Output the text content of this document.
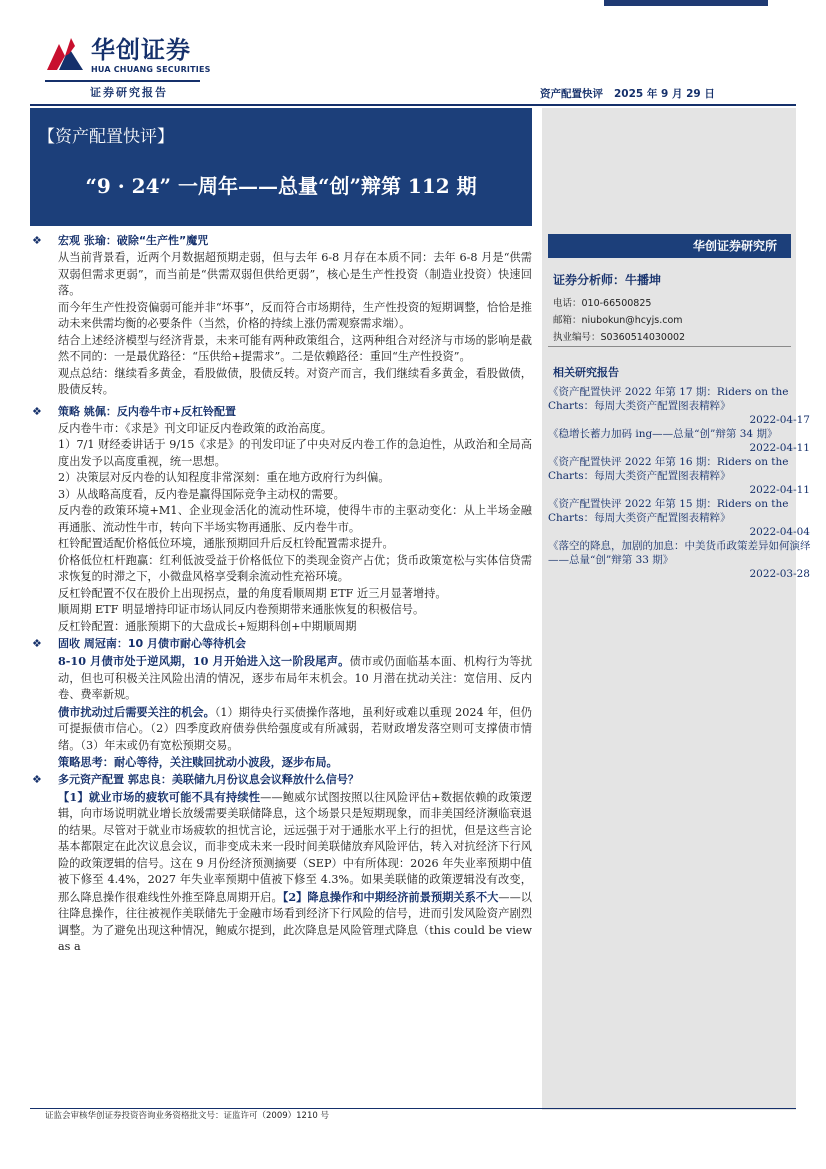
华创证券
HUA CHUANG SECURITIES
证券研究报告	资产配置快评   2025 年 9 月 29 日
【资产配置快评】
“9 · 24” 一周年——总量“创”辩第 112 期
华创证券研究所
证券分析师：牛播坤
电话：010-66500825
邮箱：niubokun@hcyjs.com
执业编号：S0360514030002
相关研究报告
《资产配置快评 2022 年第 17 期：Riders on the Charts：每周大类资产配置图表精粹》
2022-04-17
《稳增长蓄力加码 ing——总量“创”辩第 34 期》
2022-04-11
《资产配置快评 2022 年第 16 期：Riders on the Charts：每周大类资产配置图表精粹》
2022-04-11
《资产配置快评 2022 年第 15 期：Riders on the Charts：每周大类资产配置图表精粹》
2022-04-04
《落空的降息，加剧的加息：中美货币政策差异如何演绎——总量“创”辩第 33 期》
2022-03-28
❖ 宏观 张瑜：破除“生产性”魔咒
从当前背景看，近两个月数据超预期走弱，但与去年 6-8 月存在本质不同：去年 6-8 月是“供需双弱但需求更弱”，而当前是“供需双弱但供给更弱”，核心是生产性投资（制造业投资）快速回落。
而今年生产性投资偏弱可能并非“坏事”，反而符合市场期待，生产性投资的短期调整，恰恰是推动未来供需均衡的必要条件（当然，价格的持续上涨仍需观察需求端）。
结合上述经济模型与经济背景，未来可能有两种政策组合，这两种组合对经济与市场的影响是截然不同的：一是最优路径：“压供给+提需求”。二是依赖路径：重回“生产性投资”。
观点总结：继续看多黄金，看股做债，股债反转。对资产而言，我们继续看多黄金，看股做债，股债反转。
❖ 策略 姚佩：反内卷牛市+反杠铃配置
反内卷牛市：《求是》刊文印证反内卷政策的政治高度。
1）7/1 财经委讲话于 9/15《求是》的刊发印证了中央对反内卷工作的急迫性，从政治和全局高度出发予以高度重视，统一思想。
2）决策层对反内卷的认知程度非常深刻：重在地方政府行为纠偏。
3）从战略高度看，反内卷是赢得国际竞争主动权的需要。
反内卷的政策环境+M1、企业现金活化的流动性环境，使得牛市的主驱动变化：从上半场金融再通胀、流动性牛市，转向下半场实物再通胀、反内卷牛市。
杠铃配置适配价格低位环境，通胀预期回升后反杠铃配置需求提升。
价格低位杠杆跑赢：红利低波受益于价格低位下的类现金资产占优；货币政策宽松与实体信贷需求恢复的时滞之下，小微盘风格享受剩余流动性充裕环境。
反杠铃配置不仅在股价上出现拐点，量的角度看顺周期 ETF 近三月显著增持。
顺周期 ETF 明显增持印证市场认同反内卷预期带来通胀恢复的积极信号。
反杠铃配置：通胀预期下的大盘成长+短期科创+中期顺周期
❖ 固收 周冠南：10 月债市耐心等待机会
8-10 月债市处于逆风期，10 月开始进入这一阶段尾声。债市或仍面临基本面、机构行为等扰动，但也可积极关注风险出清的情况，逐步布局年末机会。10 月潜在扰动关注：宽信用、反内卷、费率新规。
债市扰动过后需要关注的机会。（1）期待央行买债操作落地，虽利好或难以重现 2024 年，但仍可提振债市信心。（2）四季度政府债券供给强度或有所减弱，若财政增发落空则可支撑债市情绪。（3）年末或仍有宽松预期交易。
策略思考：耐心等待，关注赎回扰动小波段，逐步布局。
❖ 多元资产配置 郭忠良：美联储九月份议息会议释放什么信号？
【1】就业市场的疲软可能不具有持续性——鲍威尔试图按照以往风险评估+数据依赖的政策逻辑，向市场说明就业增长放缓需要美联储降息，这个场景只是短期现象，而非美国经济濒临衰退的结果。尽管对于就业市场疲软的担忧言论，远远强于对于通胀水平上行的担忧，但是这些言论基本都限定在此次议息会议，而非变成未来一段时间美联储放弃风险评估，转入对抗经济下行风险的政策逻辑的信号。这在 9 月份经济预测摘要（SEP）中有所体现：2026 年失业率预期中值被下修至 4.4%，2027 年失业率预期中值被下修至 4.3%。如果美联储的政策逻辑没有改变，那么降息操作很难线性外推至降息周期开启。【2】降息操作和中期经济前景预期关系不大——以往降息操作，往往被视作美联储先于金融市场看到经济下行风险的信号，进而引发风险资产剧烈调整。为了避免出现这种情况，鲍威尔提到，此次降息是风险管理式降息（this could be view as a
证监会审核华创证券投资咨询业务资格批文号：证监许可（2009）1210 号
